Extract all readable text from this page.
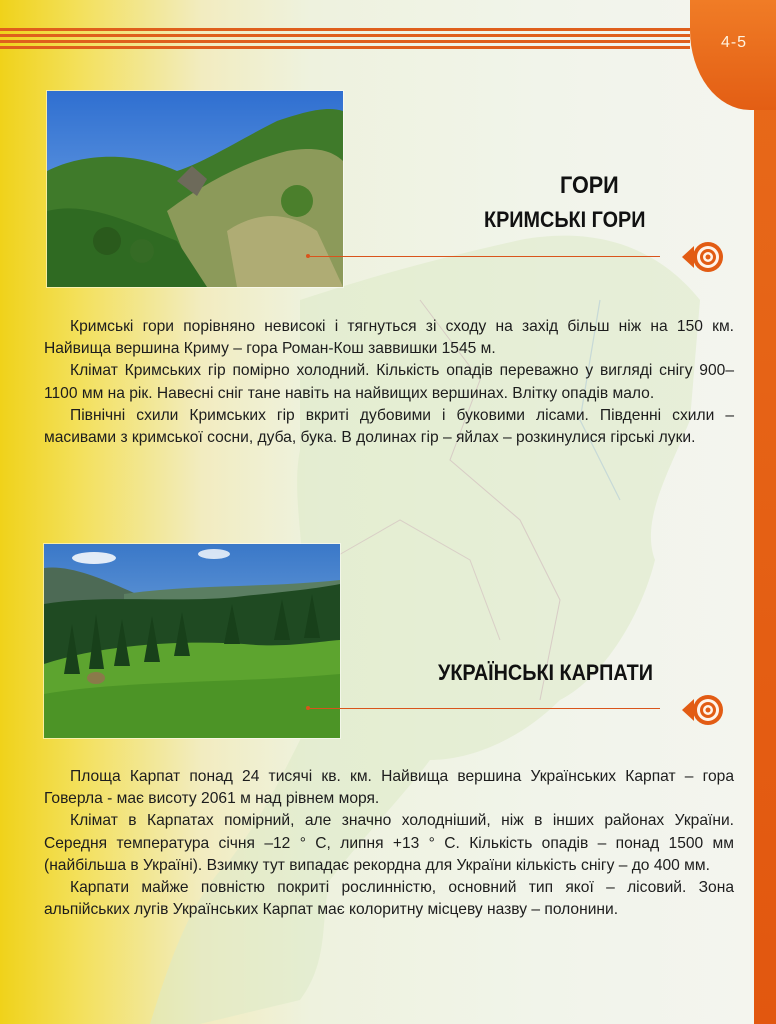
4-5
ГОРИ
КРИМСЬКІ ГОРИ

Кримські гори порівняно невисокі і тягнуться зі сходу на захід більш ніж на 150 км. Найвища вершина Криму – гора Роман-Кош заввишки 1545 м.

Клімат Кримських гір помірно холодний. Кількість опадів переважно у вигляді снігу 900–1100 мм на рік. Навесні сніг тане навіть на найвищих вершинах. Влітку опадів мало.

Північні схили Кримських гір вкриті дубовими і буковими лісами. Південні схили – масивами з кримської сосни, дуба, бука. В долинах гір – яйлах – розкинулися гірські луки.

УКРАЇНСЬКІ КАРПАТИ

Площа Карпат понад 24 тисячі кв. км. Найвища вершина Українських Карпат – гора Говерла - має висоту 2061 м над рівнем моря.

Клімат в Карпатах помірний, але значно холодніший, ніж в інших районах України. Середня температура січня –12 ° С, липня +13 ° С. Кількість опадів – понад 1500 мм (найбільша в Україні). Взимку тут випадає рекордна для України кількість снігу – до 400 мм.

Карпати майже повністю покриті рослинністю, основний тип якої – лісовий. Зона альпійських лугів Українських Карпат має колоритну місцеву назву – полонини.
